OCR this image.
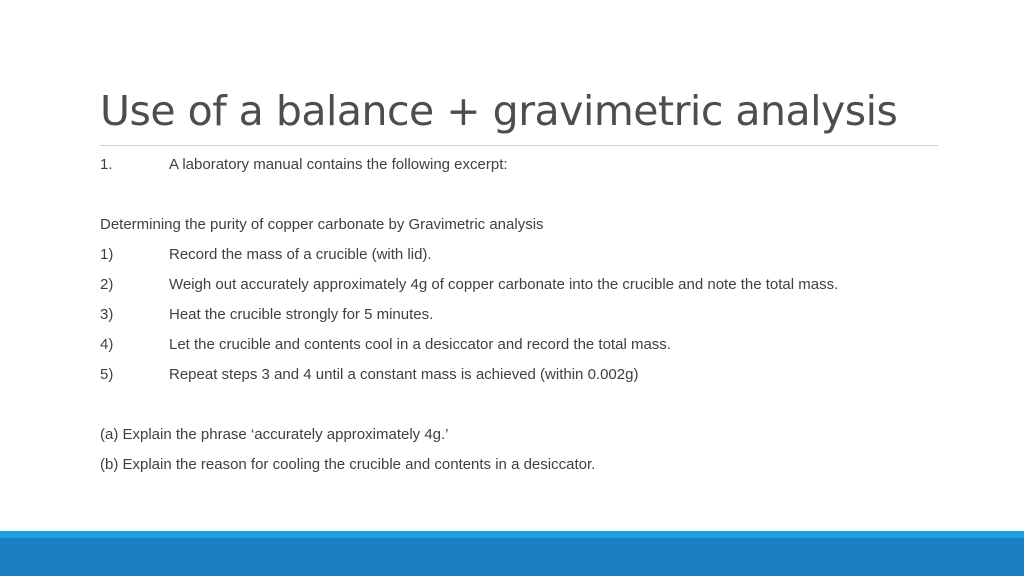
Use of a balance + gravimetric analysis
1.	A laboratory manual contains the following excerpt:
Determining the purity of copper carbonate by Gravimetric analysis
1)	Record the mass of a crucible (with lid).
2)	Weigh out accurately approximately 4g of copper carbonate into the crucible and note the total mass.
3)	Heat the crucible strongly for 5 minutes.
4)	Let the crucible and contents cool in a desiccator and record the total mass.
5)	Repeat steps 3 and 4 until a constant mass is achieved (within 0.002g)
(a) Explain the phrase ‘accurately approximately 4g.’
(b) Explain the reason for cooling the crucible and contents in a desiccator.
